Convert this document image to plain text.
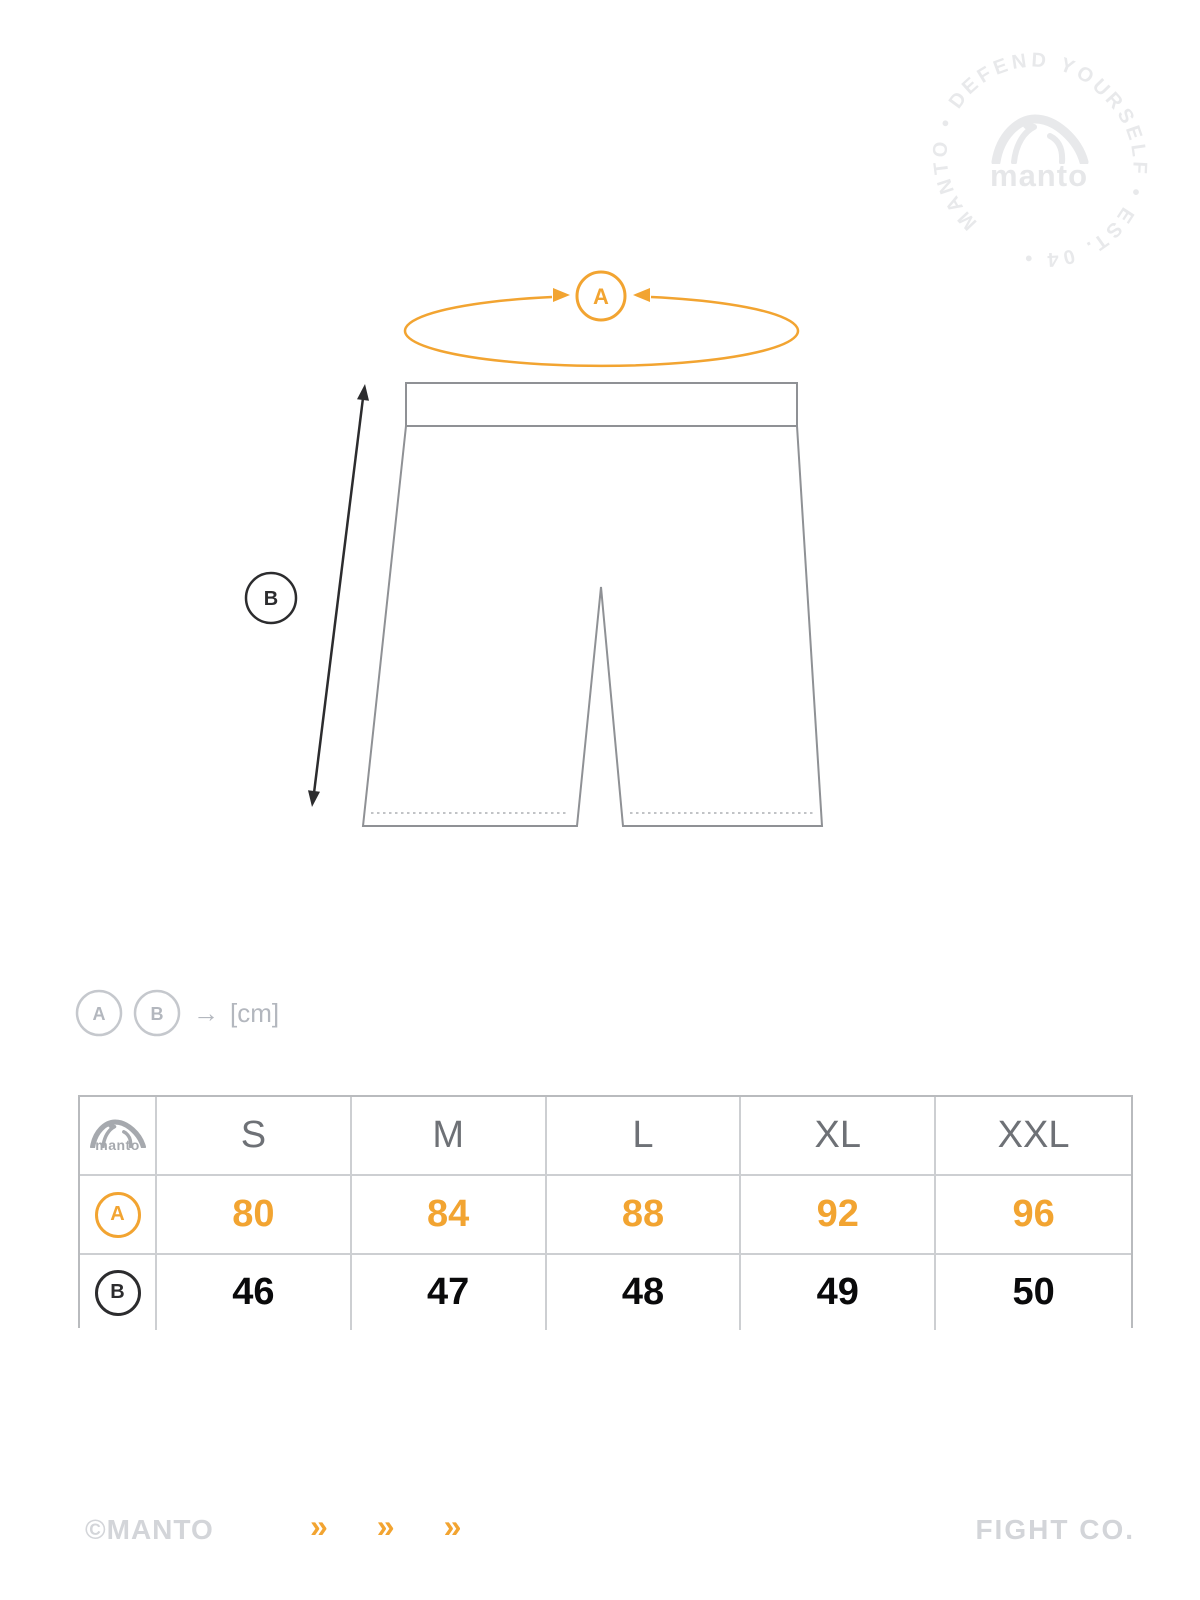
MANTO • DEFEND YOURSELF • EST. 04 •
manto
A
B
A	B → [cm]
manto	S	M	L	XL	XXL
A	80	84	88	92	96
B	46	47	48	49	50
©MANTO	» » »	FIGHT CO.
